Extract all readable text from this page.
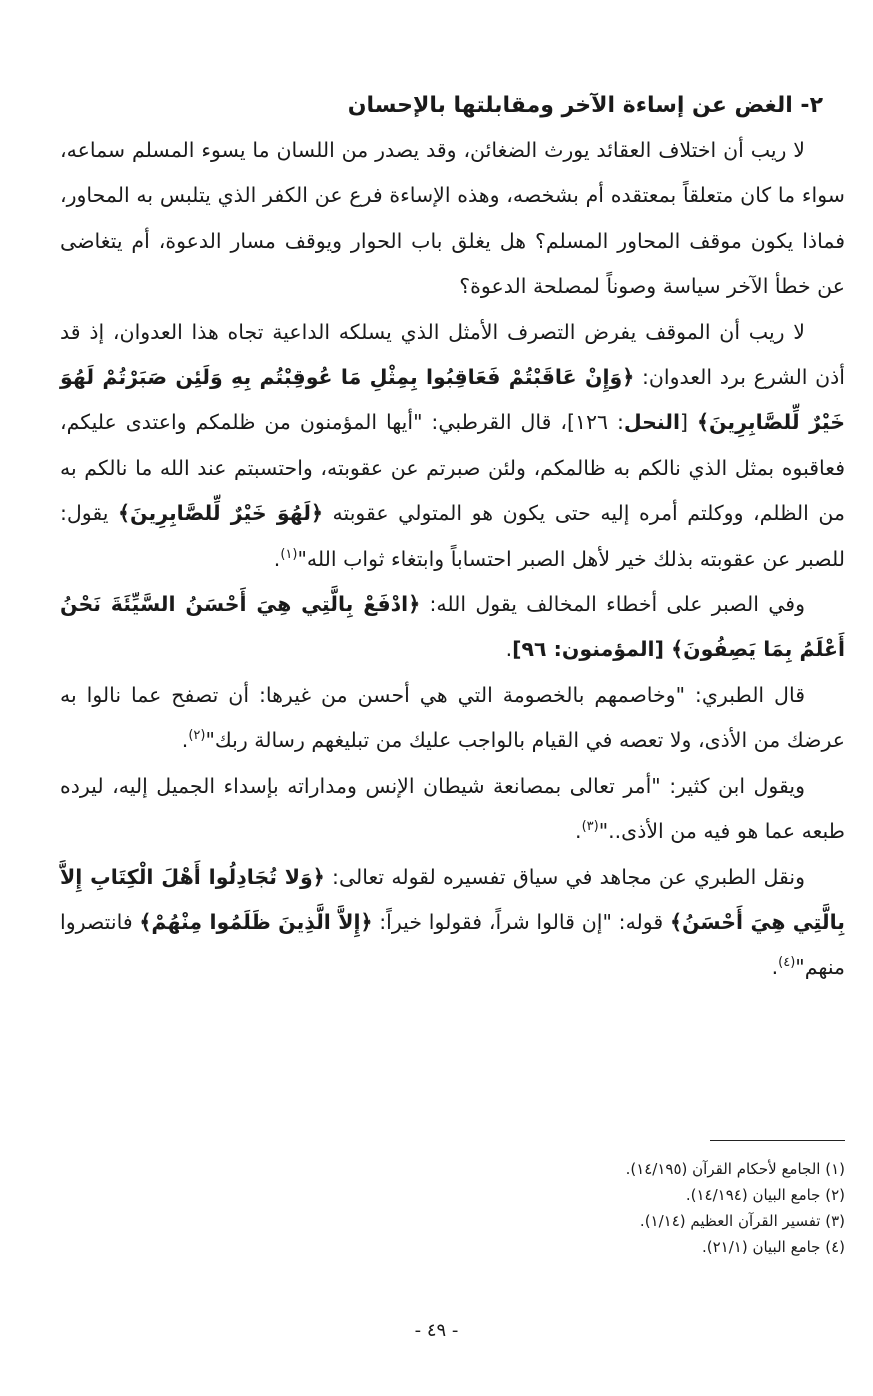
٢- الغض عن إساءة الآخر ومقابلتها بالإحسان

لا ريب أن اختلاف العقائد يورث الضغائن، وقد يصدر من اللسان ما يسوء المسلم سماعه، سواء ما كان متعلقاً بمعتقده أم بشخصه، وهذه الإساءة فرع عن الكفر الذي يتلبس به المحاور، فماذا يكون موقف المحاور المسلم؟ هل يغلق باب الحوار ويوقف مسار الدعوة، أم يتغاضى عن خطأ الآخر سياسة وصوناً لمصلحة الدعوة؟

لا ريب أن الموقف يفرض التصرف الأمثل الذي يسلكه الداعية تجاه هذا العدوان، إذ قد أذن الشرع برد العدوان: ﴿وَإِنْ عَاقَبْتُمْ فَعَاقِبُوا بِمِثْلِ مَا عُوقِبْتُم بِهِ وَلَئِن صَبَرْتُمْ لَهُوَ خَيْرٌ لِّلصَّابِرِينَ﴾ [النحل: ١٢٦]، قال القرطبي: "أيها المؤمنون من ظلمكم واعتدى عليكم، فعاقبوه بمثل الذي نالكم به ظالمكم، ولئن صبرتم عن عقوبته، واحتسبتم عند الله ما نالكم به من الظلم، ووكلتم أمره إليه حتى يكون هو المتولي عقوبته ﴿لَهُوَ خَيْرٌ لِّلصَّابِرِينَ﴾ يقول: للصبر عن عقوبته بذلك خير لأهل الصبر احتساباً وابتغاء ثواب الله"$^{(١)}$.

وفي الصبر على أخطاء المخالف يقول الله: ﴿ادْفَعْ بِالَّتِي هِيَ أَحْسَنُ السَّيِّئَةَ نَحْنُ أَعْلَمُ بِمَا يَصِفُونَ﴾ [المؤمنون: ٩٦].

قال الطبري: "وخاصمهم بالخصومة التي هي أحسن من غيرها: أن تصفح عما نالوا به عرضك من الأذى، ولا تعصه في القيام بالواجب عليك من تبليغهم رسالة ربك"$^{(٢)}$.

ويقول ابن كثير: "أمر تعالى بمصانعة شيطان الإنس ومداراته بإسداء الجميل إليه، ليرده طبعه عما هو فيه من الأذى.."$^{(٣)}$.

ونقل الطبري عن مجاهد في سياق تفسيره لقوله تعالى: ﴿وَلا تُجَادِلُوا أَهْلَ الْكِتَابِ إِلاَّ بِالَّتِي هِيَ أَحْسَنُ﴾ قوله: "إن قالوا شراً، فقولوا خيراً: ﴿إِلاَّ الَّذِينَ ظَلَمُوا مِنْهُمْ﴾ فانتصروا منهم"$^{(٤)}$.

(١) الجامع لأحكام القرآن (١٤/١٩٥).

(٢) جامع البيان (١٤/١٩٤).

(٣) تفسير القرآن العظيم (١/١٤).

(٤) جامع البيان (٢١/١).

- ٤٩ -
